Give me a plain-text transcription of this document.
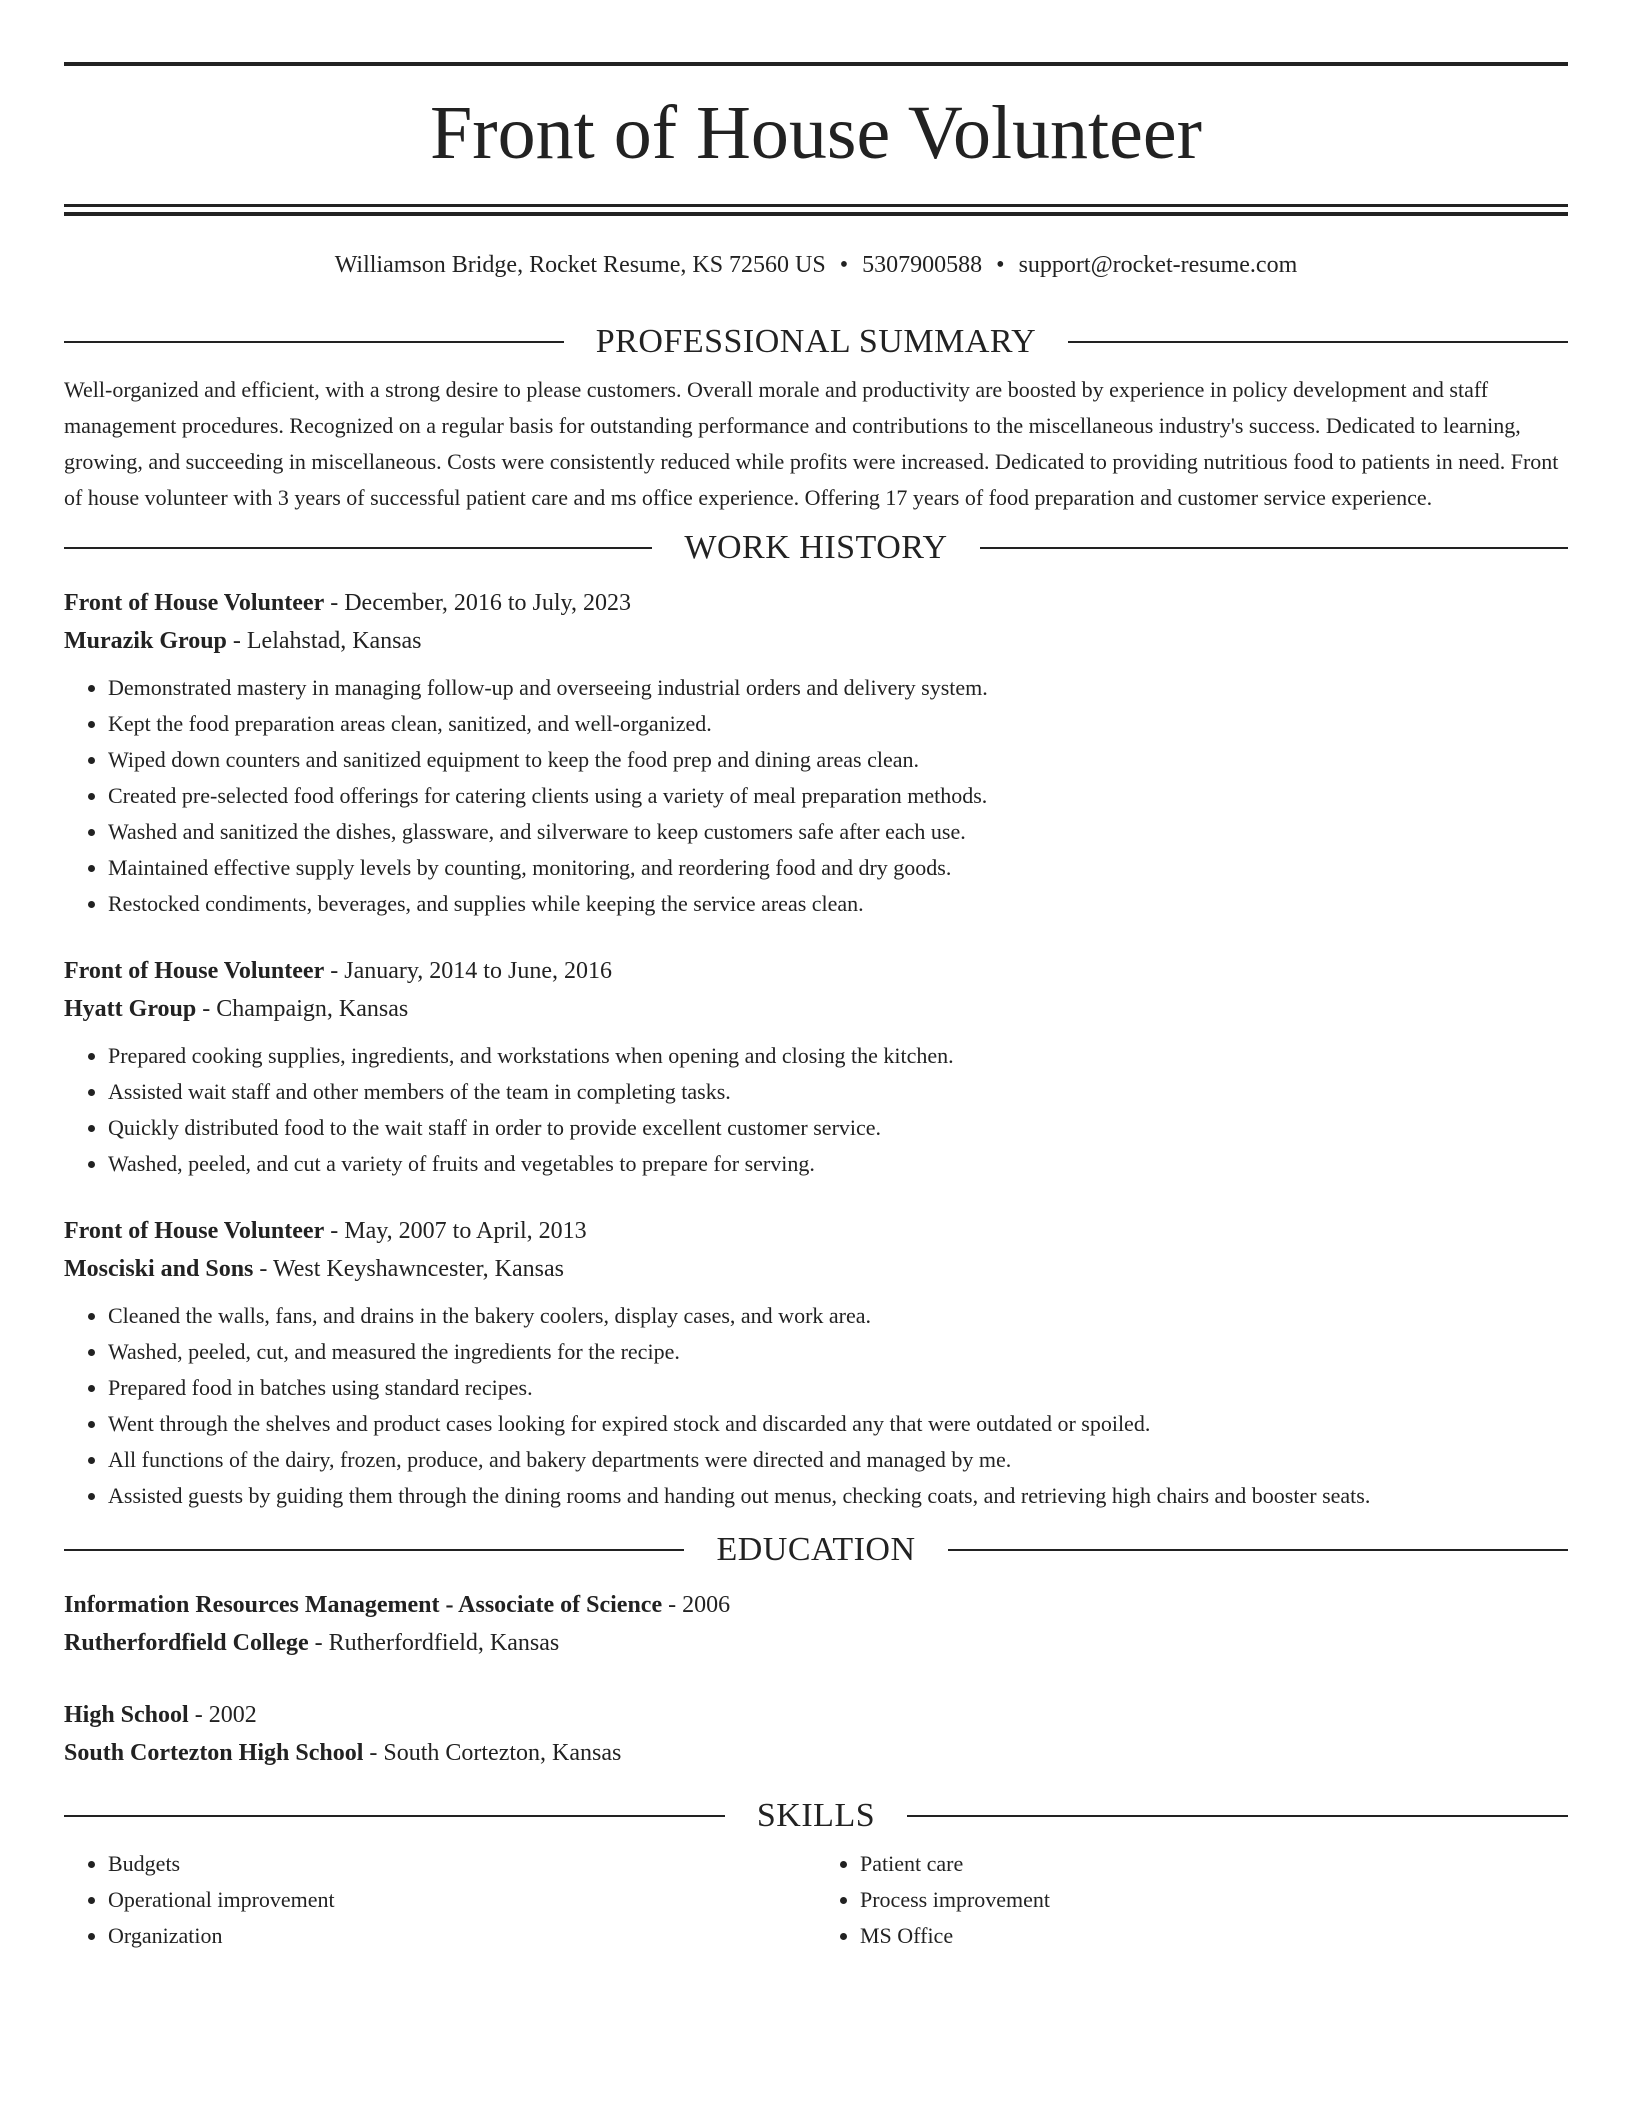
Front of House Volunteer
Williamson Bridge, Rocket Resume, KS 72560 US • 5307900588 • support@rocket-resume.com
PROFESSIONAL SUMMARY

Well-organized and efficient, with a strong desire to please customers. Overall morale and productivity are boosted by experience in policy development and staff management procedures. Recognized on a regular basis for outstanding performance and contributions to the miscellaneous industry's success. Dedicated to learning, growing, and succeeding in miscellaneous. Costs were consistently reduced while profits were increased. Dedicated to providing nutritious food to patients in need. Front of house volunteer with 3 years of successful patient care and ms office experience. Offering 17 years of food preparation and customer service experience.

WORK HISTORY
Front of House Volunteer - December, 2016 to July, 2023
Murazik Group - Lelahstad, Kansas
• Demonstrated mastery in managing follow-up and overseeing industrial orders and delivery system.
• Kept the food preparation areas clean, sanitized, and well-organized.
• Wiped down counters and sanitized equipment to keep the food prep and dining areas clean.
• Created pre-selected food offerings for catering clients using a variety of meal preparation methods.
• Washed and sanitized the dishes, glassware, and silverware to keep customers safe after each use.
• Maintained effective supply levels by counting, monitoring, and reordering food and dry goods.
• Restocked condiments, beverages, and supplies while keeping the service areas clean.
Front of House Volunteer - January, 2014 to June, 2016
Hyatt Group - Champaign, Kansas
• Prepared cooking supplies, ingredients, and workstations when opening and closing the kitchen.
• Assisted wait staff and other members of the team in completing tasks.
• Quickly distributed food to the wait staff in order to provide excellent customer service.
• Washed, peeled, and cut a variety of fruits and vegetables to prepare for serving.
Front of House Volunteer - May, 2007 to April, 2013
Mosciski and Sons - West Keyshawncester, Kansas
• Cleaned the walls, fans, and drains in the bakery coolers, display cases, and work area.
• Washed, peeled, cut, and measured the ingredients for the recipe.
• Prepared food in batches using standard recipes.
• Went through the shelves and product cases looking for expired stock and discarded any that were outdated or spoiled.
• All functions of the dairy, frozen, produce, and bakery departments were directed and managed by me.
• Assisted guests by guiding them through the dining rooms and handing out menus, checking coats, and retrieving high chairs and booster seats.
EDUCATION
Information Resources Management - Associate of Science - 2006
Rutherfordfield College - Rutherfordfield, Kansas
High School - 2002
South Cortezton High School - South Cortezton, Kansas
SKILLS
• Budgets
• Operational improvement
• Organization
• Patient care
• Process improvement
• MS Office
